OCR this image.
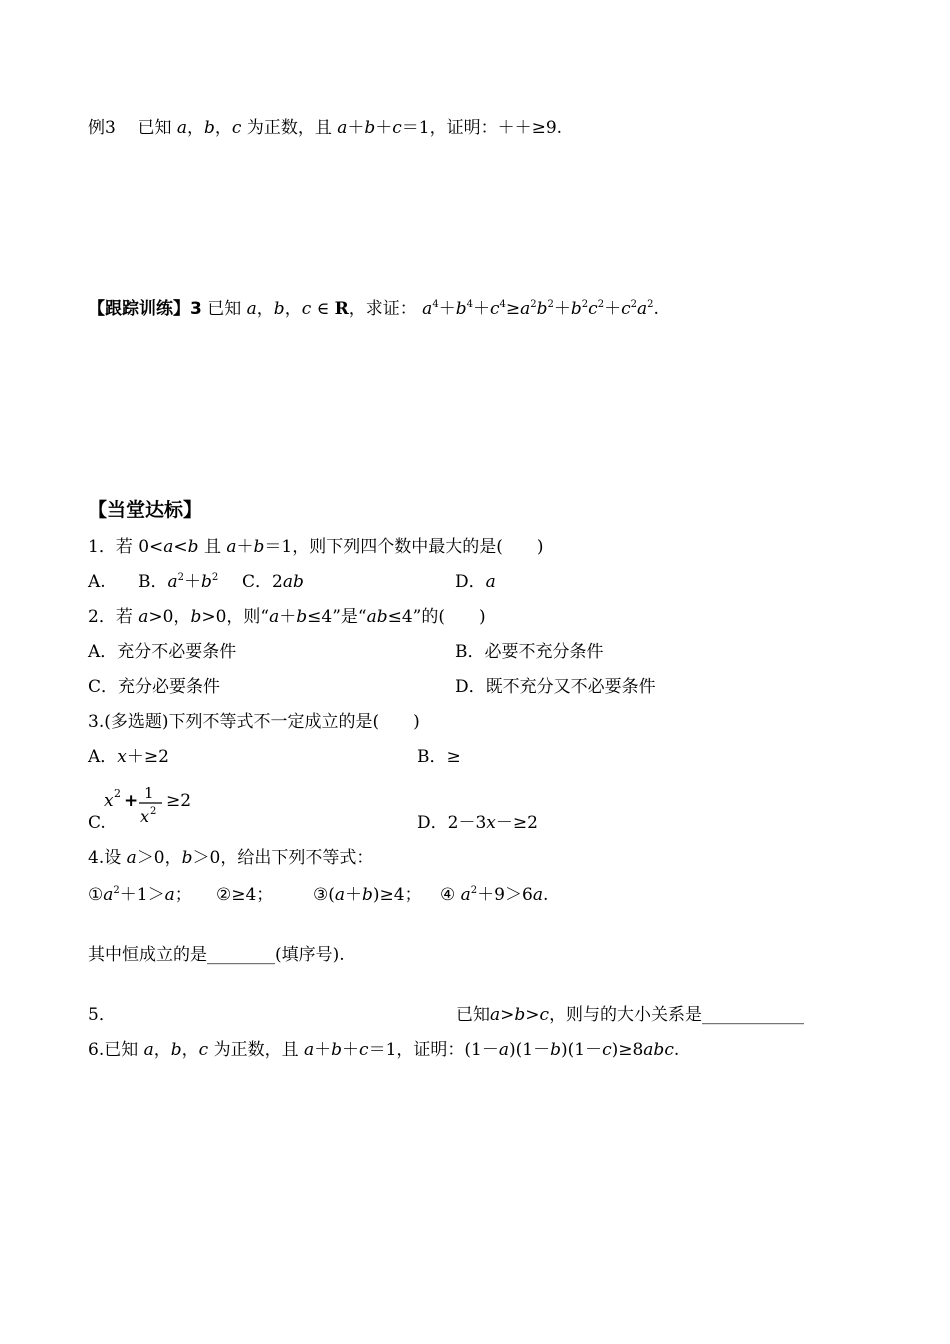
例3 已知 a，b，c 为正数，且 a＋b＋c＝1，证明：＋＋≥9.
【跟踪训练】3 已知 a，b，c ∈ R，求证： $a^4+b^4+c^4\ge a^2b^2+b^2c^2+c^2a^2$.
【当堂达标】
1．若 0<a<b 且 a＋b＝1，则下列四个数中最大的是(　　)
A. B．$a^2+b^2$ C．2ab	D．a
2．若 a>0，b>0，则“a＋b≤4”是“ab≤4”的(　　)
A．充分不必要条件	B．必要不充分条件
C．充分必要条件	D．既不充分又不必要条件
3.(多选题)下列不等式不一定成立的是(　　)
A．x＋≥2	B．≥
x 2 + 1
x 2
≥2
C.	D．2－3x－≥2
4.设 a＞0，b＞0，给出下列不等式：
$①a^2+1>a$； ②≥4； ③(a＋b)≥4； ④ $a^2+9>6a$.
其中恒成立的是________(填序号).
5．	已知a>b>c，则与的大小关系是____________
6.已知 a，b，c 为正数，且 a＋b＋c＝1，证明：(1－a)(1－b)(1－c)≥8abc.
